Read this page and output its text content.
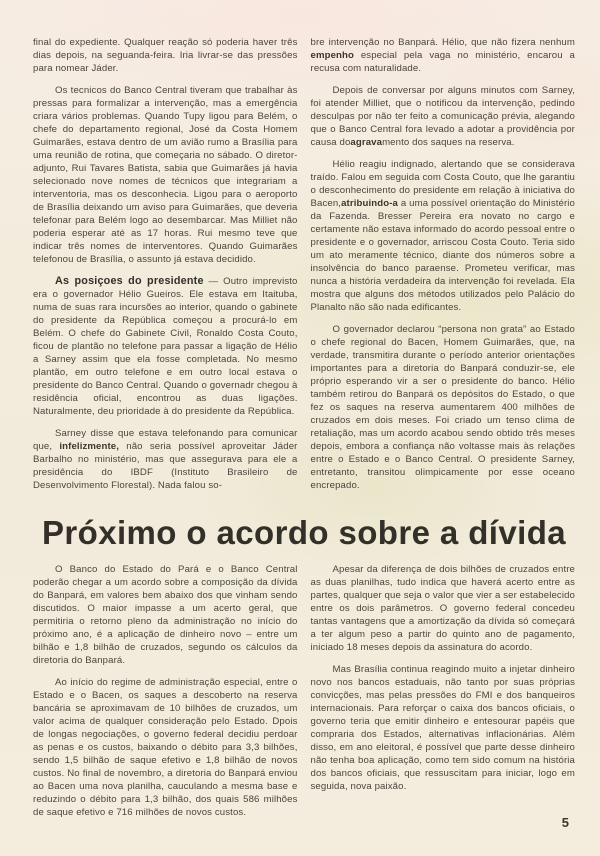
final do expediente. Qualquer reação só poderia haver três dias depois, na seguanda-feira. Iria livrar-se das pressões para nomear Jáder.

Os tecnicos do Banco Central tiveram que trabalhar às pressas para formalizar a intervenção, mas a emergência criara vários problemas. Quando Tupy ligou para Belém, o chefe do departamento regional, José da Costa Homem Guimarães, estava dentro de um avião rumo a Brasília para uma reunião de rotina, que começaria no sábado. O diretor-adjunto, Rui Tavares Batista, sabia que Guimarães já havia selecionado nove nomes de técnicos que integrariam a interventoria, mas os desconhecia. Ligou para o aeroporto de Brasília deixando um aviso para Guimarães, que deveria telefonar para Belém logo ao desembarcar. Mas Milliet não poderia esperar até as 17 horas. Rui mesmo teve que indicar três nomes de interventores. Quando Guimarães telefonou de Brasília, o assunto já estava decidido.

As posiçoes do presidente — Outro imprevisto era o governador Hélio Gueiros. Ele estava em Itaituba, numa de suas rara incursões ao interior, quando o gabinete do presidente da República começou a procurá-lo em Belém. O chefe do Gabinete Civil, Ronaldo Costa Couto, ficou de plantão no telefone para passar a ligação de Hélio a Sarney assim que ela fosse completada. No mesmo plantão, em outro telefone e em outro local estava o presidente do Banco Central. Quando o governadr chegou à residência oficial, encontrou as duas ligações. Naturalmente, deu prioridade à do presidente da República.

Sarney disse que estava telefonando para comunicar que, infelizmente, não seria possível aproveitar Jáder Barbalho no ministério, mas que assegurava para ele a presidência do IBDF (Instituto Brasileiro de Desenvolvimento Florestal). Nada falou so-

bre intervenção no Banpará. Hélio, que não fizera nenhum empenho especial pela vaga no ministério, encarou a recusa com naturalidade.

Depois de conversar por alguns minutos com Sarney, foi atender Milliet, que o notificou da intervenção, pedindo desculpas por não ter feito a comunicação prévia, alegando que o Banco Central fora levado a adotar a providência por causa doagravamento dos saques na reserva.

Hélio reagiu indignado, alertando que se considerava traído. Falou em seguida com Costa Couto, que lhe garantiu o desconhecimento do presidente em relação à iniciativa do Bacen,atribuindo-a a uma possível orientação do Ministério da Fazenda. Bresser Pereira era novato no cargo e certamente não estava informado do acordo pessoal entre o presidente e o governador, arriscou Costa Couto. Teria sido um ato meramente técnico, diante dos números sobre a insolvência do banco paraense. Prometeu verificar, mas nunca a história verdadeira da intervenção foi revelada. Ela mostra que alguns dos métodos utilizados pelo Palácio do Planalto não são nada edificantes.

O governador declarou “persona non grata” ao Estado o chefe regional do Bacen, Homem Guimarães, que, na verdade, transmitira durante o período anterior orientações importantes para a diretoria do Banpará conduzir-se, ele próprio esperando vir a ser o presidente do banco. Hélio também retirou do Banpará os depósitos do Estado, o que fez os saques na reserva aumentarem 400 milhões de cruzados em dois meses. Foi criado um tenso clima de retaliação, mas um acordo acabou sendo obtido três meses depois, embora a confiança não voltasse mais às relações entre o Estado e o Banco Central. O presidente Sarney, entretanto, transitou olimpicamente por esse oceano encrepado.

Próximo o acordo sobre a dívida

O Banco do Estado do Pará e o Banco Central poderão chegar a um acordo sobre a composição da dívida do Banpará, em valores bem abaixo dos que vinham sendo discutidos. O maior impasse a um acerto geral, que permitiria o retorno pleno da administração no início do próximo ano, é a aplicação de dinheiro novo – entre um bilhão e 1,8 bilhão de cruzados, segundo os cálculos da diretoria do Banpará.

Ao início do regime de administração especial, entre o Estado e o Bacen, os saques a descoberto na reserva bancária se aproximavam de 10 bilhões de cruzados, um valor acima de qualquer consideração pelo Estado. Dpois de longas negociações, o governo federal decidiu perdoar as penas e os custos, baixando o débito para 3,3 bilhões, sendo 1,5 bilhão de saque efetivo e 1,8 bilhão de novos custos. No final de novembro, a diretoria do Banpará enviou ao Bacen uma nova planilha, cauculando a mesma base e reduzindo o débito para 1,3 bilhão, dos quais 586 milhões de saque efetivo e 716 milhões de novos custos.

Apesar da diferença de dois bilhões de cruzados entre as duas planilhas, tudo indica que haverá acerto entre as partes, qualquer que seja o valor que vier a ser estabelecido entre os dois parâmetros. O governo federal concedeu tantas vantagens que a amortização da dívida só começará a ter algum peso a partir do quinto ano de pagamento, iniciado 18 meses depois da assinatura do acordo.

Mas Brasília continua reagindo muito a injetar dinheiro novo nos bancos estaduais, não tanto por suas próprias convicções, mas pelas pressões do FMI e dos banqueiros internacionais. Para reforçar o caixa dos bancos oficiais, o governo teria que emitir dinheiro e entesourar papéis que compraria dos Estados, alternativas inflacionárias. Além disso, em ano eleitoral, é possível que parte desse dinheiro não tenha boa aplicação, como tem sido comum na história dos bancos oficiais, que ressuscitam para iniciar, logo em seguida, nova paixão.

5
